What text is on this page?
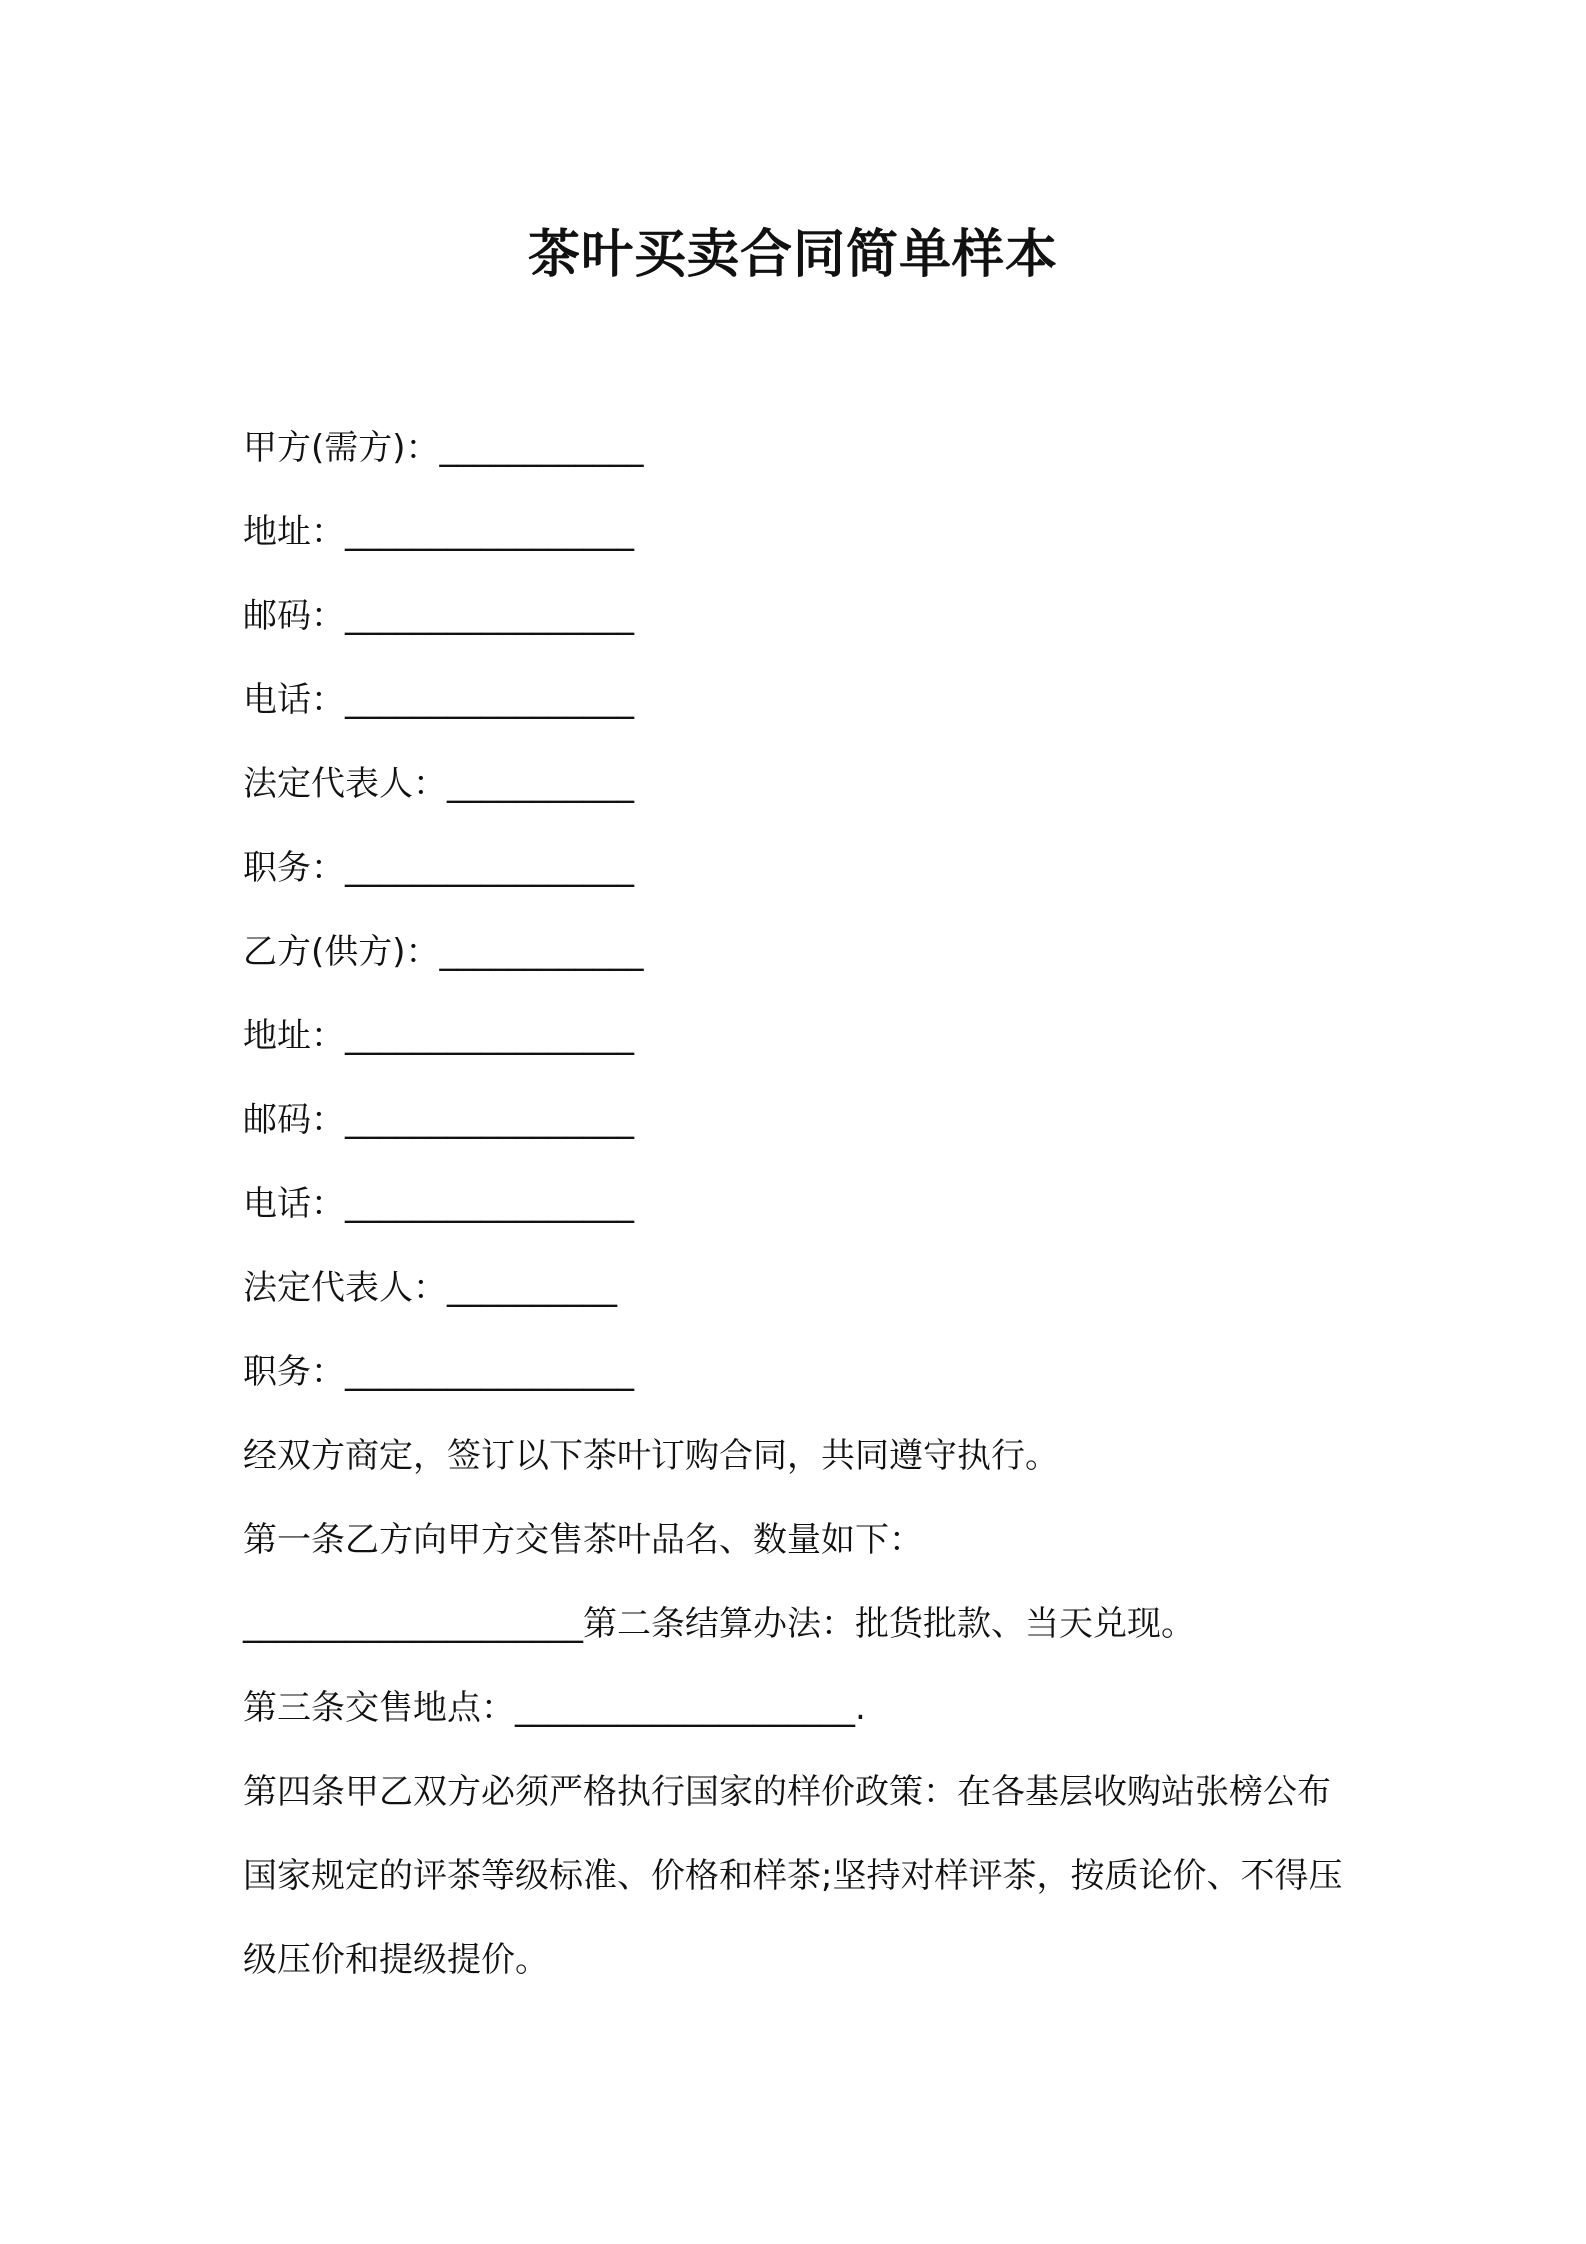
茶叶买卖合同简单样本
甲方(需方)：____________
地址：_________________
邮码：_________________
电话：_________________
法定代表人：___________
职务：_________________
乙方(供方)：____________
地址：_________________
邮码：_________________
电话：_________________
法定代表人：__________
职务：_________________
经双方商定，签订以下茶叶订购合同，共同遵守执行。
第一条乙方向甲方交售茶叶品名、数量如下：
____________________第二条结算办法：批货批款、当天兑现。
第三条交售地点：____________________.
第四条甲乙双方必须严格执行国家的样价政策：在各基层收购站张榜公布国家规定的评茶等级标准、价格和样茶;坚持对样评茶，按质论价、不得压级压价和提级提价。
